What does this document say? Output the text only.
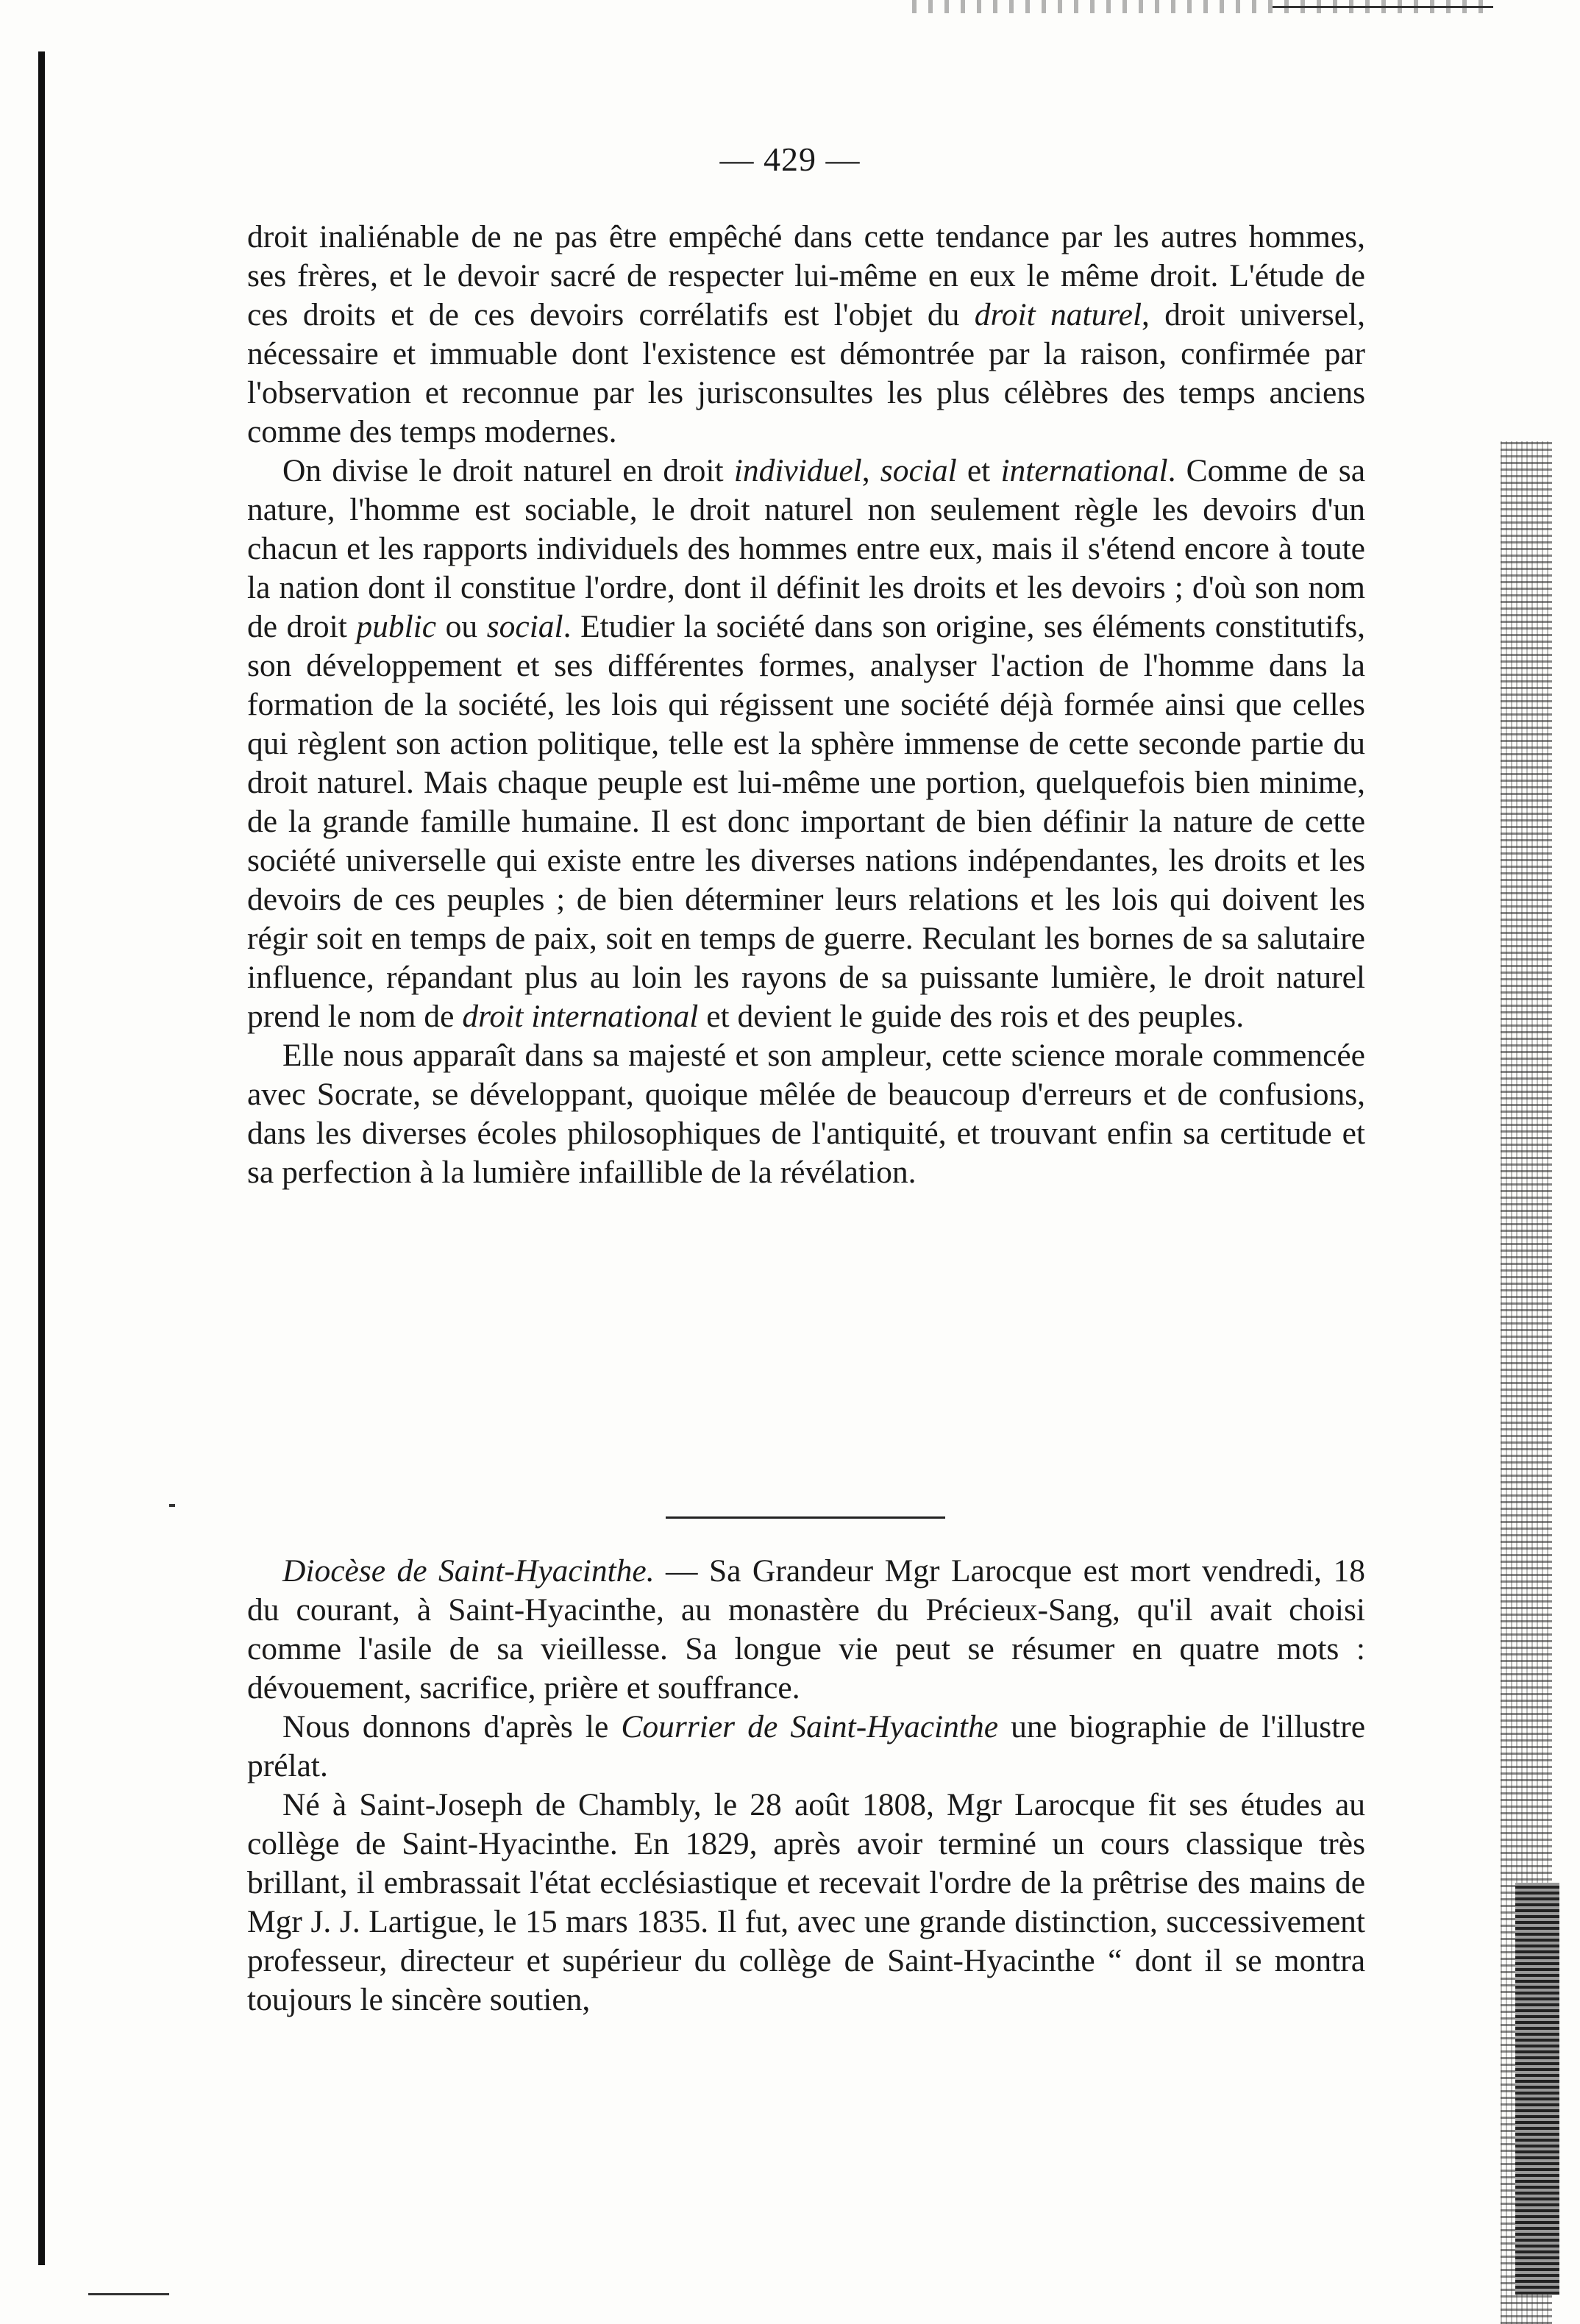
— 429 —

droit inaliénable de ne pas être empêché dans cette tendance par les autres hommes, ses frères, et le devoir sacré de respecter lui-même en eux le même droit. L'étude de ces droits et de ces devoirs corrélatifs est l'objet du droit naturel, droit universel, nécessaire et immuable dont l'existence est démontrée par la raison, confirmée par l'observation et reconnue par les jurisconsultes les plus célèbres des temps anciens comme des temps modernes.

On divise le droit naturel en droit individuel, social et international. Comme de sa nature, l'homme est sociable, le droit naturel non seulement règle les devoirs d'un chacun et les rapports individuels des hommes entre eux, mais il s'étend encore à toute la nation dont il constitue l'ordre, dont il définit les droits et les devoirs ; d'où son nom de droit public ou social. Etudier la société dans son origine, ses éléments constitutifs, son développement et ses différentes formes, analyser l'action de l'homme dans la formation de la société, les lois qui régissent une société déjà formée ainsi que celles qui règlent son action politique, telle est la sphère immense de cette seconde partie du droit naturel. Mais chaque peuple est lui-même une portion, quelquefois bien minime, de la grande famille humaine. Il est donc important de bien définir la nature de cette société universelle qui existe entre les diverses nations indépendantes, les droits et les devoirs de ces peuples ; de bien déterminer leurs relations et les lois qui doivent les régir soit en temps de paix, soit en temps de guerre. Reculant les bornes de sa salutaire influence, répandant plus au loin les rayons de sa puissante lumière, le droit naturel prend le nom de droit international et devient le guide des rois et des peuples.

Elle nous apparaît dans sa majesté et son ampleur, cette science morale commencée avec Socrate, se développant, quoique mêlée de beaucoup d'erreurs et de confusions, dans les diverses écoles philosophiques de l'antiquité, et trouvant enfin sa certitude et sa perfection à la lumière infaillible de la révélation.

Diocèse de Saint-Hyacinthe. — Sa Grandeur Mgr Larocque est mort vendredi, 18 du courant, à Saint-Hyacinthe, au monastère du Précieux-Sang, qu'il avait choisi comme l'asile de sa vieillesse. Sa longue vie peut se résumer en quatre mots : dévouement, sacrifice, prière et souffrance.

Nous donnons d'après le Courrier de Saint-Hyacinthe une biographie de l'illustre prélat.

Né à Saint-Joseph de Chambly, le 28 août 1808, Mgr Larocque fit ses études au collège de Saint-Hyacinthe. En 1829, après avoir terminé un cours classique très brillant, il embrassait l'état ecclésiastique et recevait l'ordre de la prêtrise des mains de Mgr J. J. Lartigue, le 15 mars 1835. Il fut, avec une grande distinction, successivement professeur, directeur et supérieur du collège de Saint-Hyacinthe “ dont il se montra toujours le sincère soutien,
